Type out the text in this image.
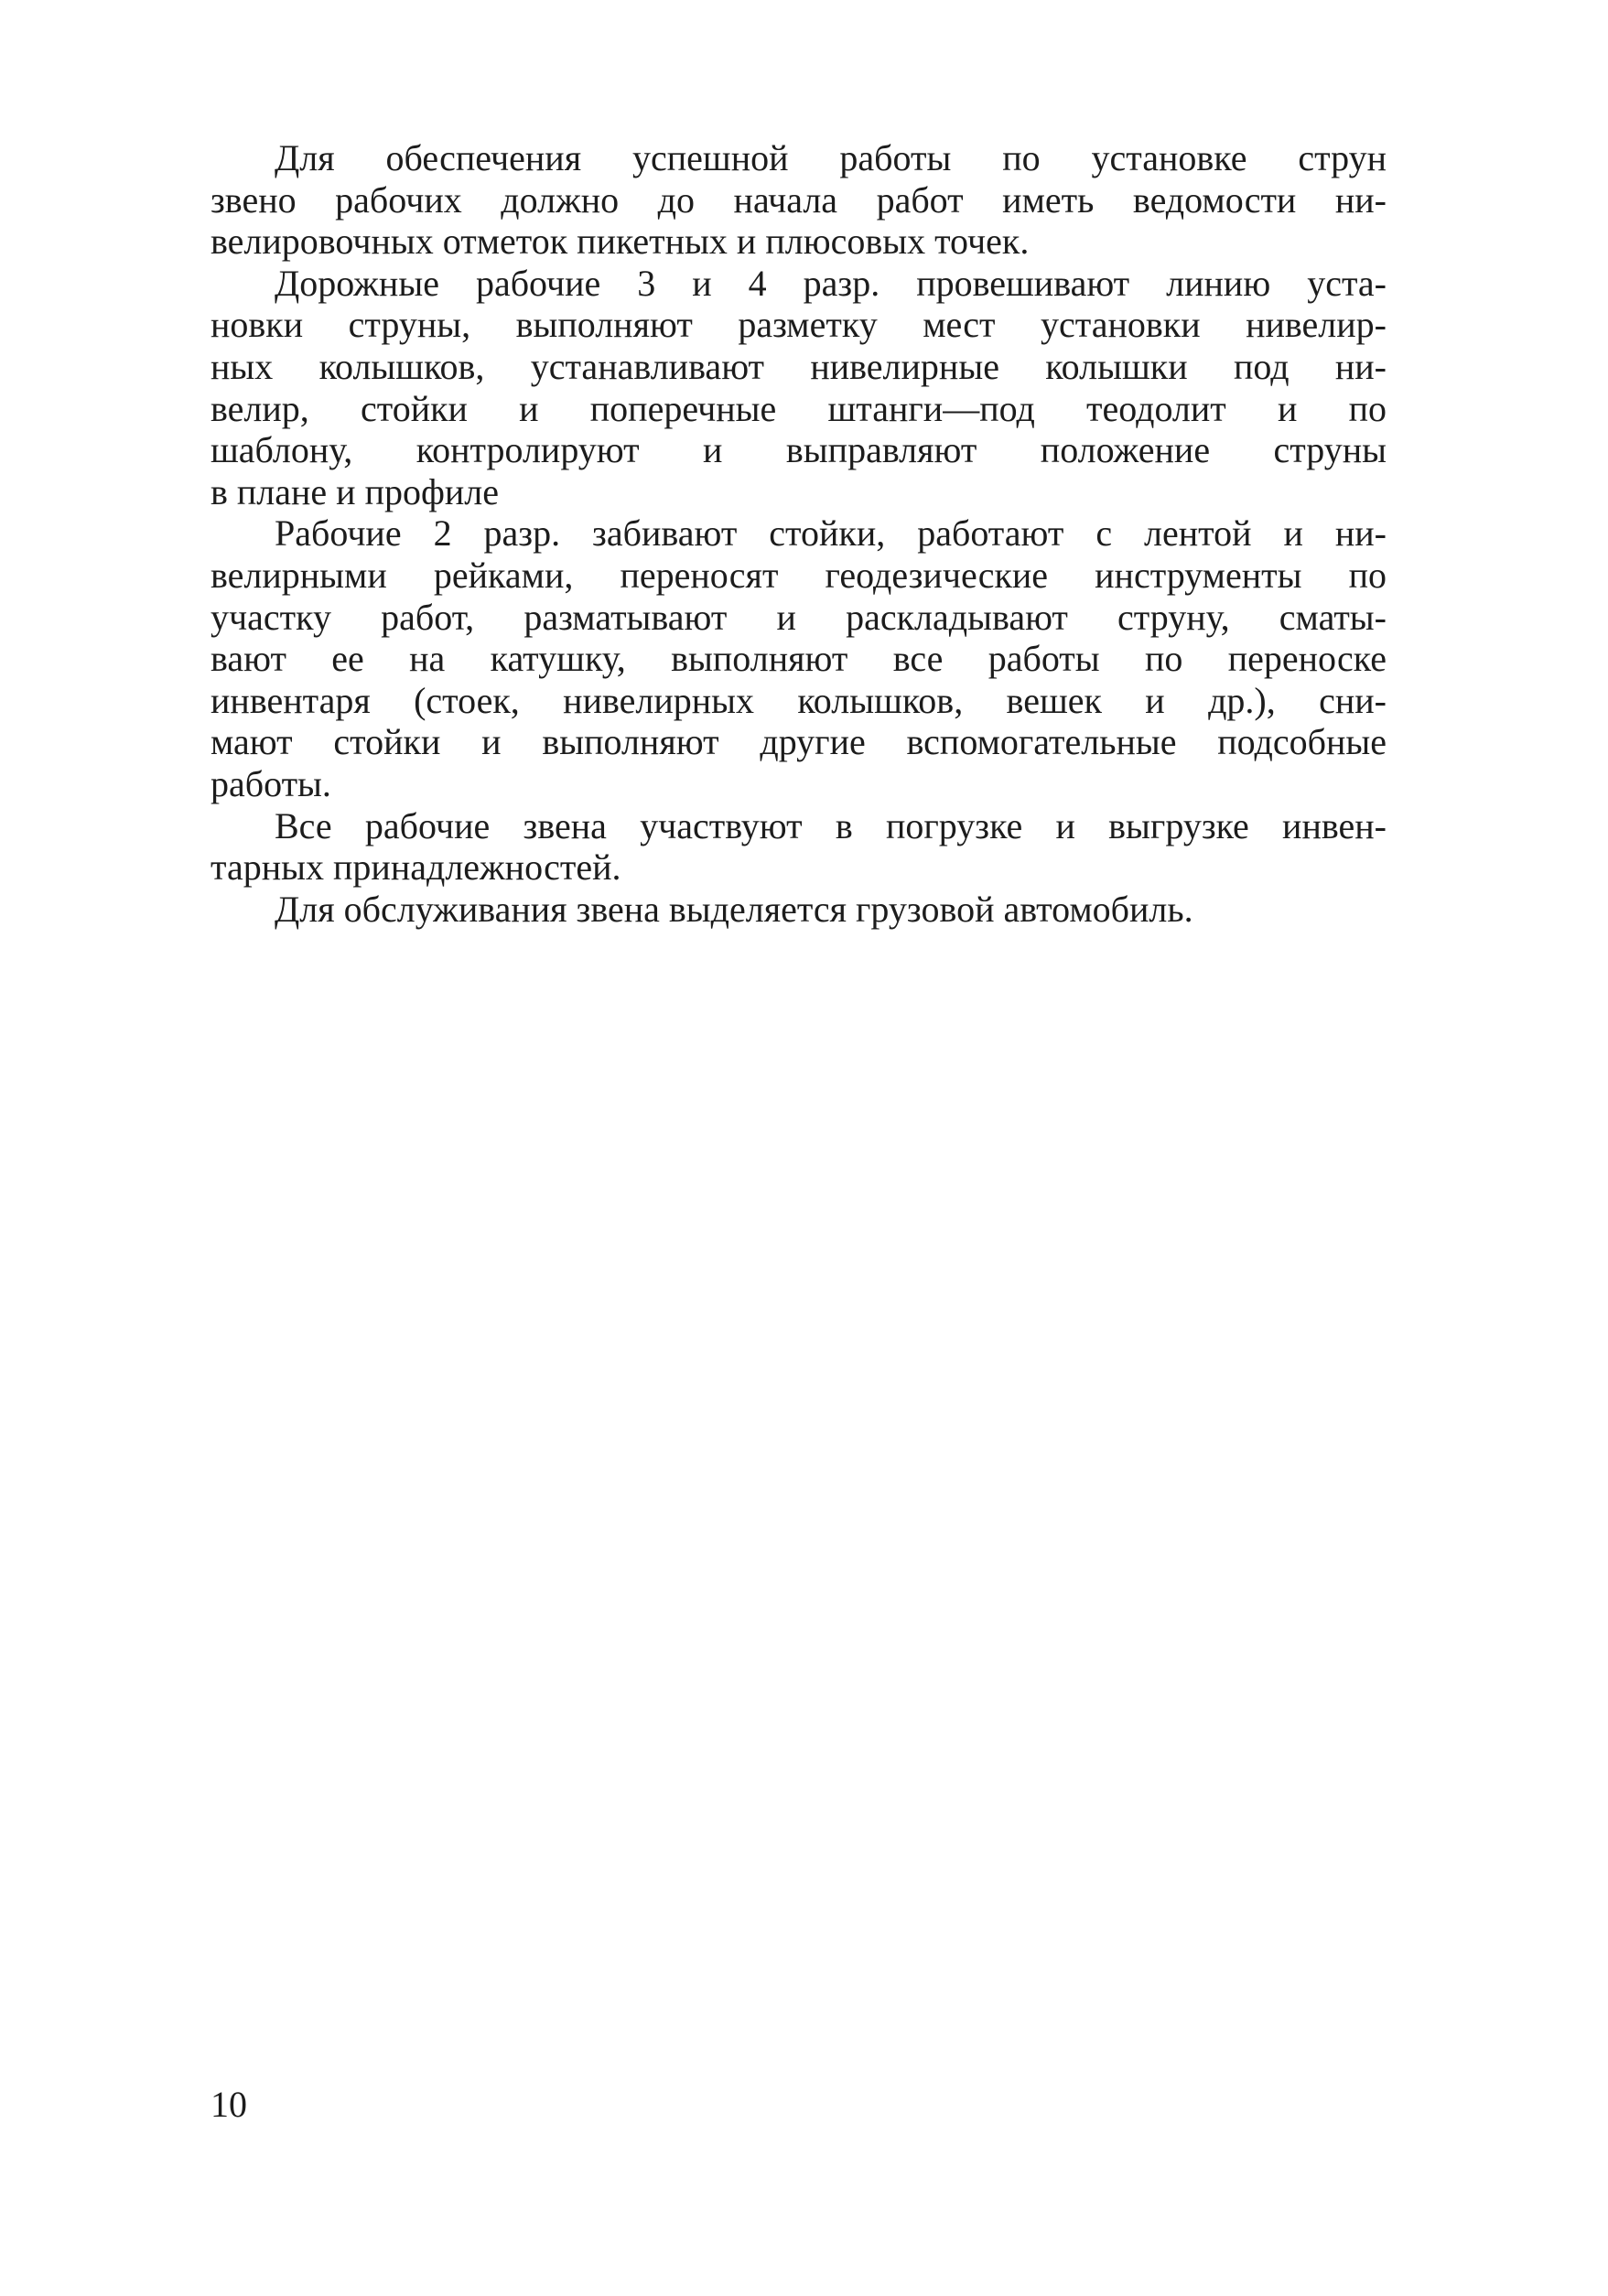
Для обеспечения успешной работы по установке струн
звено рабочих должно до начала работ иметь ведомости ни-
велировочных отметок пикетных и плюсовых точек.
Дорожные рабочие 3 и 4 разр. провешивают линию уста-
новки струны, выполняют разметку мест установки нивелир-
ных колышков, устанавливают нивелирные колышки под ни-
велир, стойки и поперечные штанги—под теодолит и по
шаблону, контролируют и выправляют положение струны
в плане и профиле
Рабочие 2 разр. забивают стойки, работают с лентой и ни-
велирными рейками, переносят геодезические инструменты по
участку работ, разматывают и раскладывают струну, сматы-
вают ее на катушку, выполняют все работы по переноске
инвентаря (стоек, нивелирных колышков, вешек и др.), сни-
мают стойки и выполняют другие вспомогательные подсобные
работы.
Все рабочие звена участвуют в погрузке и выгрузке инвен-
тарных принадлежностей.
Для обслуживания звена выделяется грузовой автомобиль.
10
